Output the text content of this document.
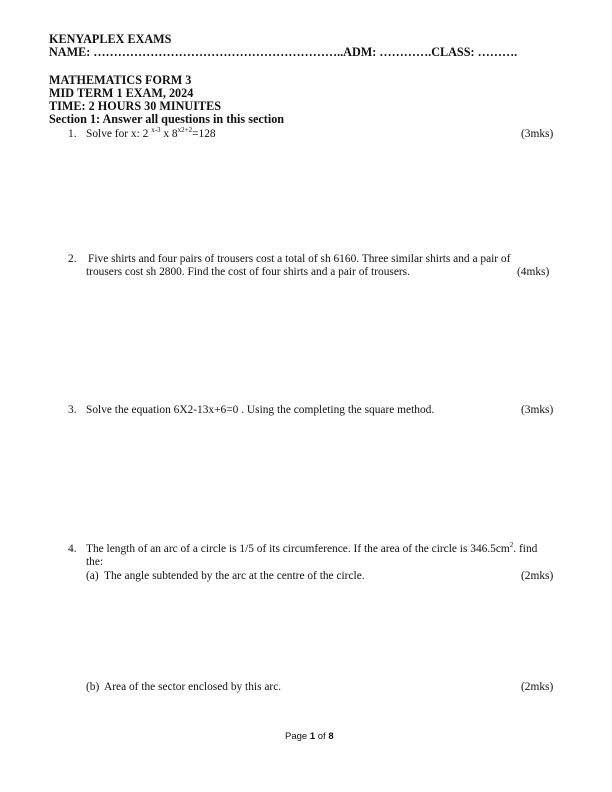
KENYAPLEX EXAMS
NAME: ……………………………………………………..ADM: ………….CLASS: ……….
MATHEMATICS FORM 3
MID TERM 1 EXAM, 2024
TIME: 2 HOURS 30 MINUITES
Section 1: Answer all questions in this section
1. Solve for x: 2 $^{x-3}$ x $8^{x2+2}=128$	(3mks)
2. Five shirts and four pairs of trousers cost a total of sh 6160. Three similar shirts and a pair of
trousers cost sh 2800. Find the cost of four shirts and a pair of trousers.	(4mks)
3. Solve the equation 6X2-13x+6=0 . Using the completing the square method.	(3mks)
4. The length of an arc of a circle is 1/5 of its circumference. If the area of the circle is $346.5cm^2$. find
the:
(a) The angle subtended by the arc at the centre of the circle.	(2mks)
(b) Area of the sector enclosed by this arc.	(2mks)
Page 1 of 8
